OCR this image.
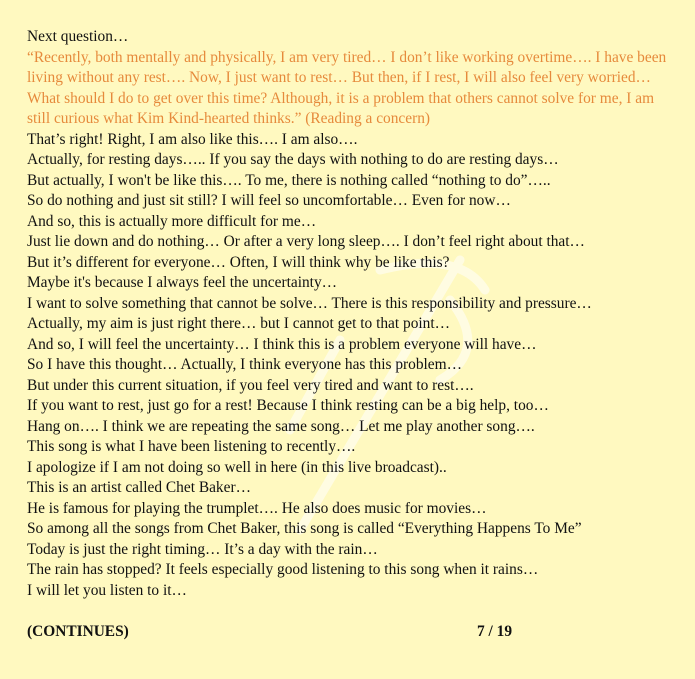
Next question…
“Recently, both mentally and physically, I am very tired… I don’t like working overtime…. I have been living without any rest…. Now, I just want to rest… But then, if I rest, I will also feel very worried… What should I do to get over this time? Although, it is a problem that others cannot solve for me, I am still curious what Kim Kind-hearted thinks.” (Reading a concern)
That’s right! Right, I am also like this…. I am also….
Actually, for resting days….. If you say the days with nothing to do are resting days…
But actually, I won't be like this…. To me, there is nothing called “nothing to do”…..
So do nothing and just sit still? I will feel so uncomfortable… Even for now…
And so, this is actually more difficult for me…
Just lie down and do nothing… Or after a very long sleep…. I don’t feel right about that…
But it’s different for everyone… Often, I will think why be like this?
Maybe it's because I always feel the uncertainty…
I want to solve something that cannot be solve… There is this responsibility and pressure…
Actually, my aim is just right there… but I cannot get to that point…
And so, I will feel the uncertainty… I think this is a problem everyone will have…
So I have this thought… Actually, I think everyone has this problem…
But under this current situation, if you feel very tired and want to rest….
If you want to rest, just go for a rest! Because I think resting can be a big help, too…
Hang on…. I think we are repeating the same song… Let me play another song….
This song is what I have been listening to recently….
I apologize if I am not doing so well in here (in this live broadcast)..
This is an artist called Chet Baker…
He is famous for playing the trumplet…. He also does music for movies…
So among all the songs from Chet Baker, this song is called “Everything Happens To Me”
Today is just the right timing… It’s a day with the rain…
The rain has stopped? It feels especially good listening to this song when it rains…
I will let you listen to it…
(CONTINUES)	7 / 19
